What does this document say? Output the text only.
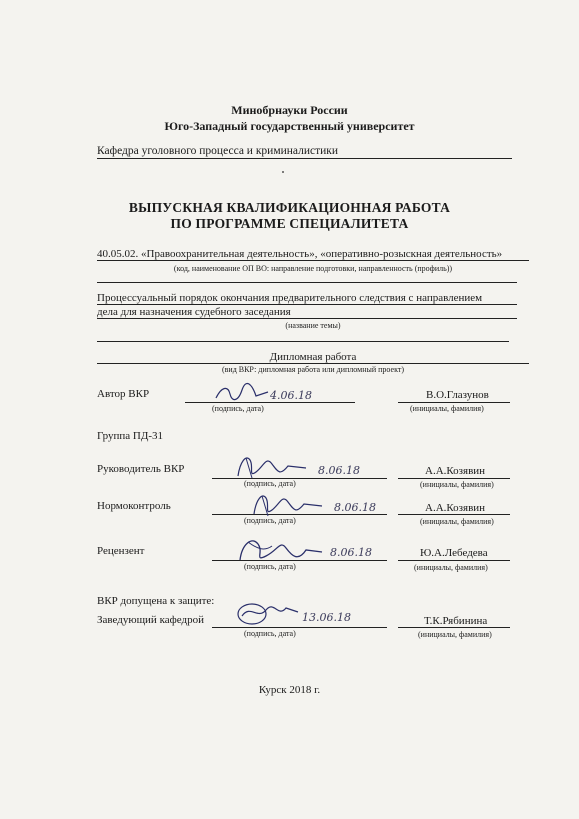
Минобрнауки России
Юго-Западный государственный университет
Кафедра уголовного процесса и криминалистики
ВЫПУСКНАЯ КВАЛИФИКАЦИОННАЯ РАБОТА
ПО ПРОГРАММЕ СПЕЦИАЛИТЕТА
40.05.02. «Правоохранительная деятельность», «оперативно-розыскная деятельность»
(код, наименование ОП ВО: направление подготовки, направленность (профиль))
Процессуальный порядок окончания предварительного следствия с направлением
дела для назначения судебного заседания
(название темы)
Дипломная работа
(вид ВКР: дипломная работа или дипломный проект)
Автор ВКР	4.06.18
(подпись, дата)
В.О.Глазунов
(инициалы, фамилия)
Группа ПД-31
Руководитель ВКР	8.06.18
(подпись, дата)
А.А.Козявин
(инициалы, фамилия)
Нормоконтроль	8.06.18
(подпись, дата)
А.А.Козявин
(инициалы, фамилия)
Рецензент	8.06.18
(подпись, дата)
Ю.А.Лебедева
(инициалы, фамилия)
ВКР допущена к защите:
Заведующий кафедрой	13.06.18
(подпись, дата)
Т.К.Рябинина
(инициалы, фамилия)
Курск 2018 г.
